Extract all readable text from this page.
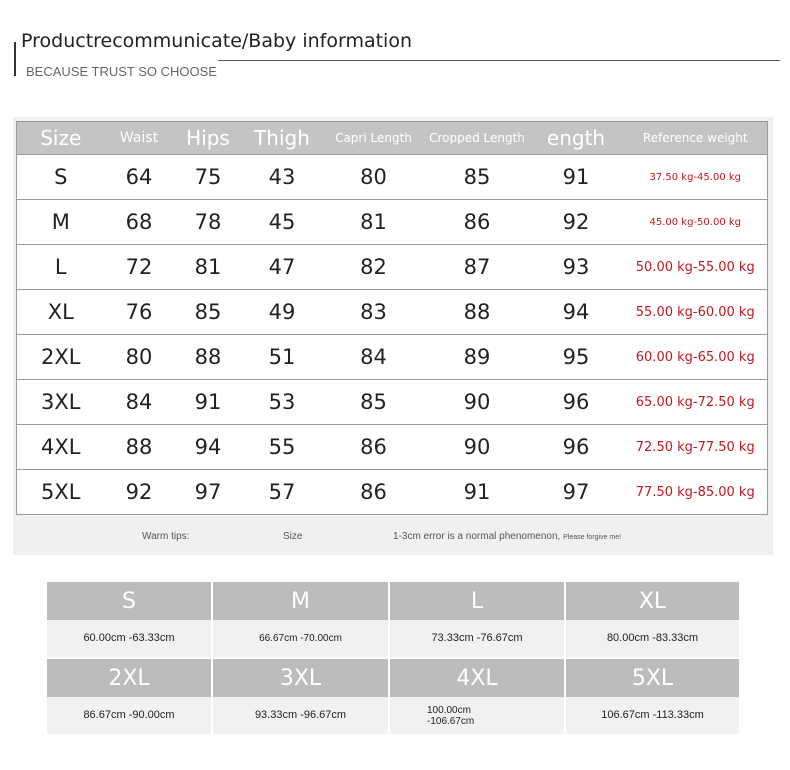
Productrecommunicate/Baby information
BECAUSE TRUST SO CHOOSE
Size	Waist	Hips	Thigh	Capri Length	Cropped Length	ength	Reference weight
S	64	75	43	80	85	91	37.50 kg-45.00 kg
M	68	78	45	81	86	92	45.00 kg-50.00 kg
L	72	81	47	82	87	93	50.00 kg-55.00 kg
XL	76	85	49	83	88	94	55.00 kg-60.00 kg
2XL	80	88	51	84	89	95	60.00 kg-65.00 kg
3XL	84	91	53	85	90	96	65.00 kg-72.50 kg
4XL	88	94	55	86	90	96	72.50 kg-77.50 kg
5XL	92	97	57	86	91	97	77.50 kg-85.00 kg
Warm tips:	Size	1-3cm error is a normal phenomenon, Please forgive me!
S	M	L	XL
60.00cm -63.33cm	66.67cm -70.00cm	73.33cm -76.67cm	80.00cm -83.33cm
2XL	3XL	4XL	5XL
86.67cm -90.00cm	93.33cm -96.67cm	100.00cm
-106.67cm	106.67cm -113.33cm
